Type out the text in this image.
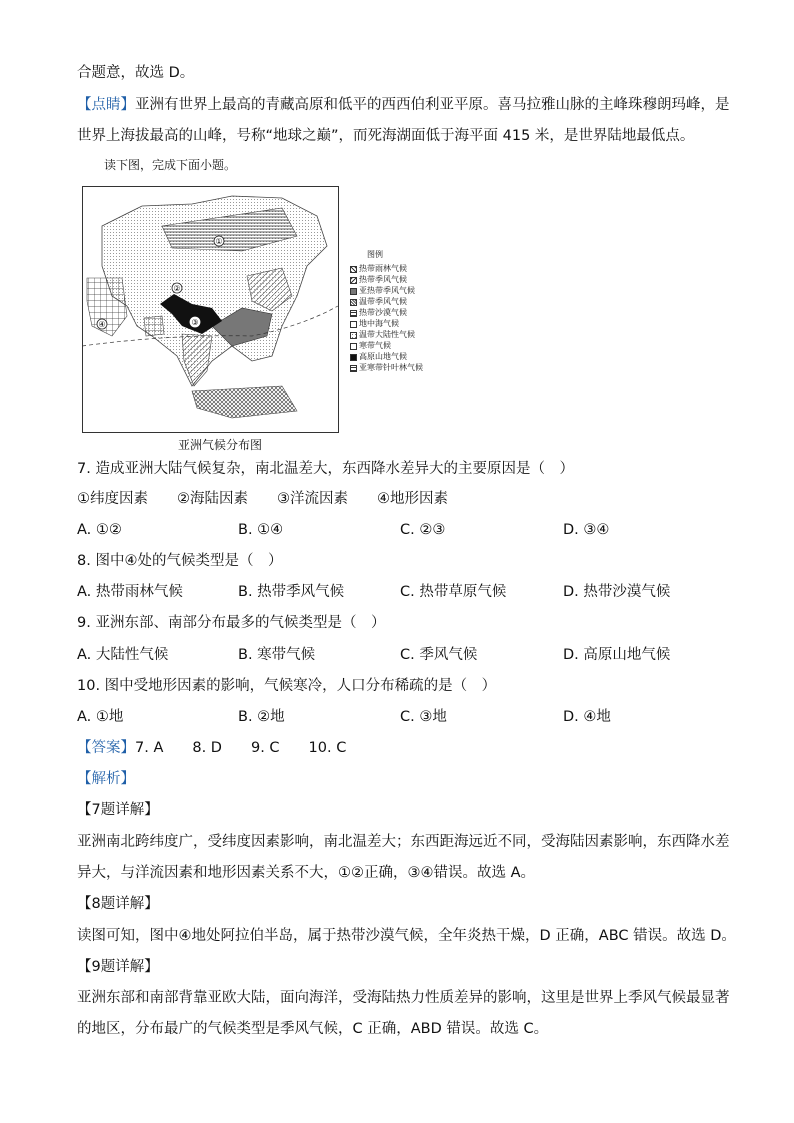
合题意，故选 D。
【点睛】亚洲有世界上最高的青藏高原和低平的西西伯利亚平原。喜马拉雅山脉的主峰珠穆朗玛峰，是
世界上海拔最高的山峰，号称“地球之巅”，而死海湖面低于海平面 415 米，是世界陆地最低点。
读下图，完成下面小题。
①
②
③
④
亚洲气候分布图
图例
热带雨林气候
热带季风气候
亚热带季风气候
温带季风气候
热带沙漠气候
地中海气候
温带大陆性气候
寒带气候
高原山地气候
亚寒带针叶林气候
7. 造成亚洲大陆气候复杂，南北温差大，东西降水差异大的主要原因是（　）
①纬度因素　　②海陆因素　　③洋流因素　　④地形因素
A. ①②	B. ①④	C. ②③	D. ③④
8. 图中④处的气候类型是（　）
A. 热带雨林气候	B. 热带季风气候	C. 热带草原气候	D. 热带沙漠气候
9. 亚洲东部、南部分布最多的气候类型是（　）
A. 大陆性气候	B. 寒带气候	C. 季风气候	D. 高原山地气候
10. 图中受地形因素的影响，气候寒冷，人口分布稀疏的是（　）
A. ①地	B. ②地	C. ③地	D. ④地
【答案】7. A　　8. D　　9. C　　10. C
【解析】
【7题详解】
亚洲南北跨纬度广，受纬度因素影响，南北温差大；东西距海远近不同，受海陆因素影响，东西降水差
异大，与洋流因素和地形因素关系不大，①②正确，③④错误。故选 A。
【8题详解】
读图可知，图中④地处阿拉伯半岛，属于热带沙漠气候，全年炎热干燥，D 正确，ABC 错误。故选 D。
【9题详解】
亚洲东部和南部背靠亚欧大陆，面向海洋，受海陆热力性质差异的影响，这里是世界上季风气候最显著
的地区，分布最广的气候类型是季风气候，C 正确，ABD 错误。故选 C。
